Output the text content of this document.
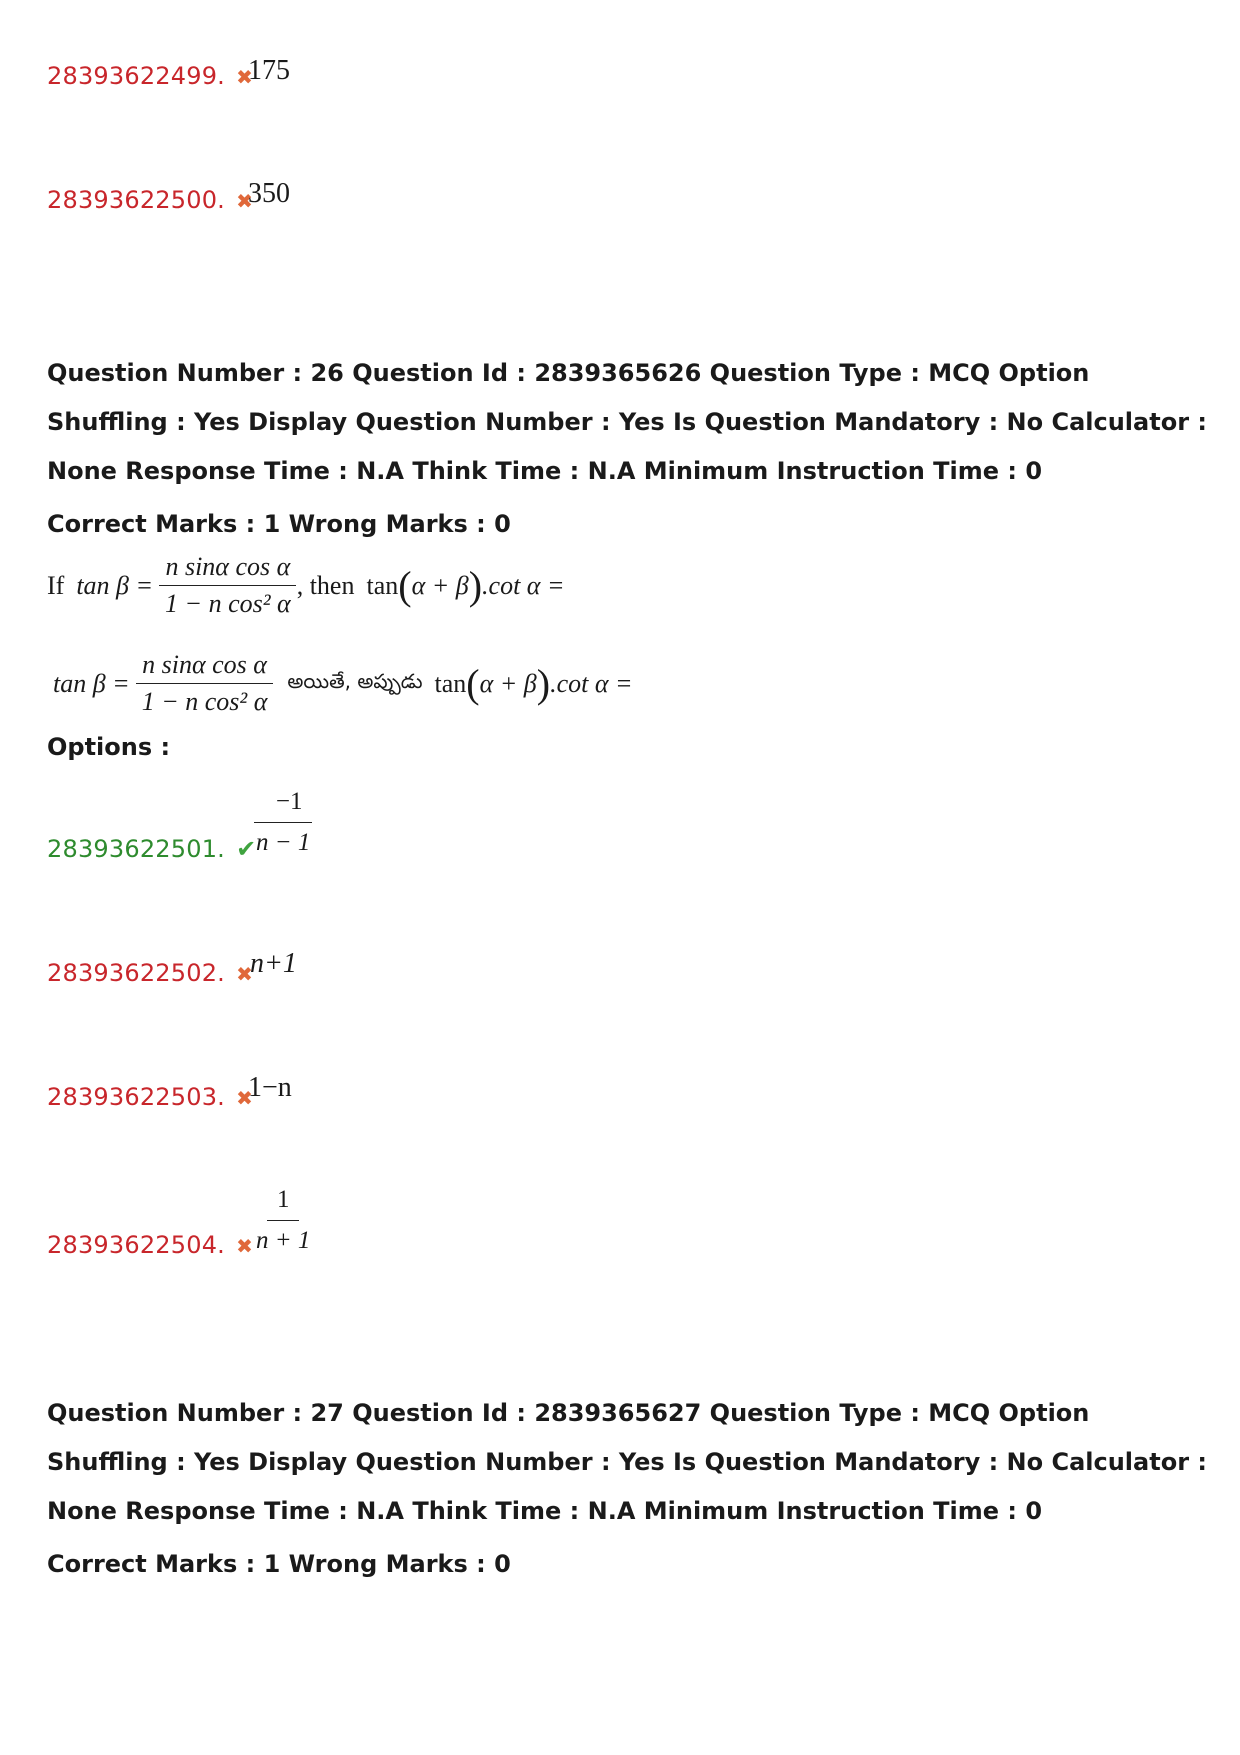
28393622499. ✖
175
28393622500. ✖
350
Question Number : 26 Question Id : 2839365626 Question Type : MCQ Option Shuffling : Yes Display Question Number : Yes Is Question Mandatory : No Calculator : None Response Time : N.A Think Time : N.A Minimum Instruction Time : 0
Correct Marks : 1 Wrong Marks : 0
If $\tan \beta = \frac{\text{n sinα cos α}}{\text{1 − n cos² α}}$ , then tan ( α + β ) .cot α =
$\tan \beta = \frac{\text{n sinα cos α}}{\text{1 − n cos² α}}$ అయితే, అప్పుడు tan ( α + β ) .cot α =
Options :
28393622501. ✔
$\frac{-1}{n - 1}$
28393622502. ✖
n+1
28393622503. ✖
1−n
28393622504. ✖
$\frac{1}{n + 1}$
Question Number : 27 Question Id : 2839365627 Question Type : MCQ Option Shuffling : Yes Display Question Number : Yes Is Question Mandatory : No Calculator : None Response Time : N.A Think Time : N.A Minimum Instruction Time : 0
Correct Marks : 1 Wrong Marks : 0
